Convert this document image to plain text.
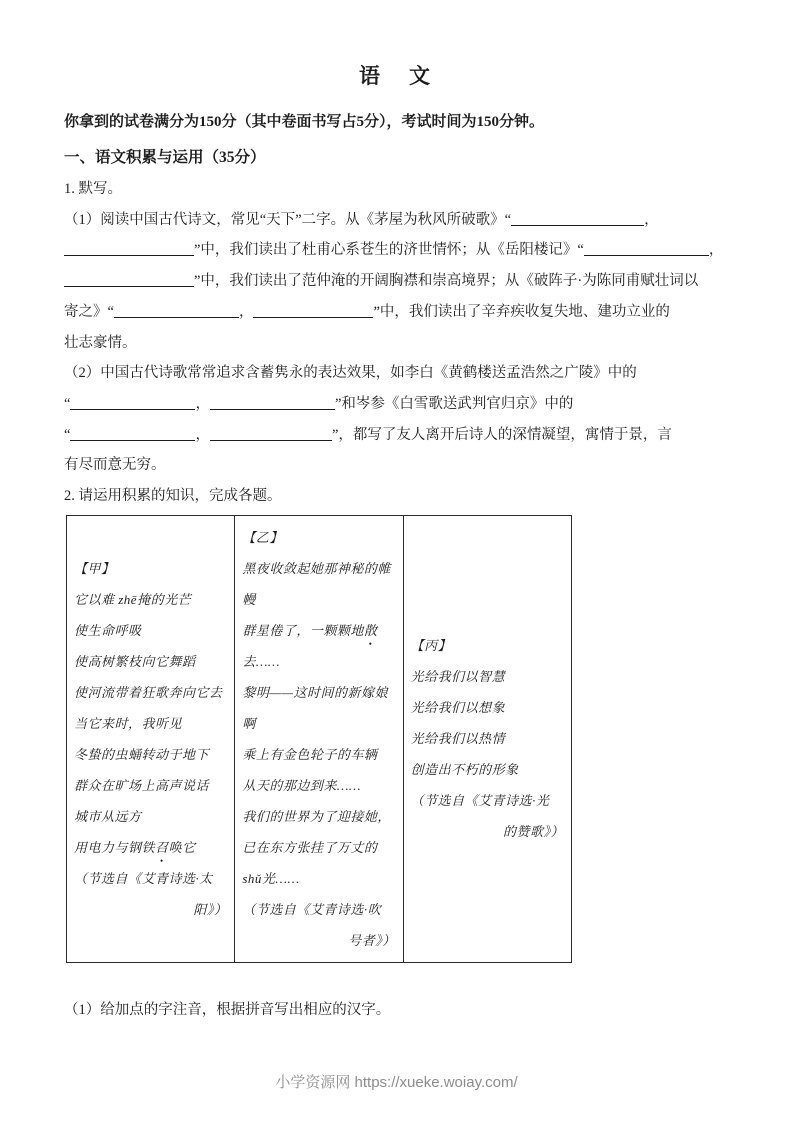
语　文
你拿到的试卷满分为150分（其中卷面书写占5分），考试时间为150分钟。
一、语文积累与运用（35分）
1. 默写。
（1）阅读中国古代诗文，常见“天下”二字。从《茅屋为秋风所破歌》“	，
”中，我们读出了杜甫心系苍生的济世情怀；从《岳阳楼记》“	，
”中，我们读出了范仲淹的开阔胸襟和崇高境界；从《破阵子·为陈同甫赋壮词以
寄之》“	，	”中，我们读出了辛弃疾收复失地、建功立业的
壮志豪情。
（2）中国古代诗歌常常追求含蓄隽永的表达效果，如李白《黄鹤楼送孟浩然之广陵》中的
“	，	”和岑参《白雪歌送武判官归京》中的
“	，	”，都写了友人离开后诗人的深情凝望，寓情于景，言
有尽而意无穷。
2. 请运用积累的知识，完成各题。
【甲】
它以难 zhē掩的光芒
使生命呼吸
使高树繁枝向它舞蹈
使河流带着狂歌奔向它去
当它来时，我听见
冬蛰的虫蛹转动于地下
群众在旷场上高声说话
城市从远方
用电力与钢铁召唤它
（节选自《艾青诗选·太
阳》）

【乙】
黑夜收敛起她那神秘的帷
幔
群星倦了，一颗颗地散
去……
黎明——这时间的新嫁娘
啊
乘上有金色轮子的车辆
从天的那边到来……
我们的世界为了迎接她，
已在东方张挂了万丈的
shǔ光……
（节选自《艾青诗选·吹
号者》）

【丙】
光给我们以智慧
光给我们以想象
光给我们以热情
创造出不朽的形象
（节选自《艾青诗选·光
的赞歌》）
（1）给加点的字注音，根据拼音写出相应的汉字。
小学资源网 https://xueke.woiay.com/
